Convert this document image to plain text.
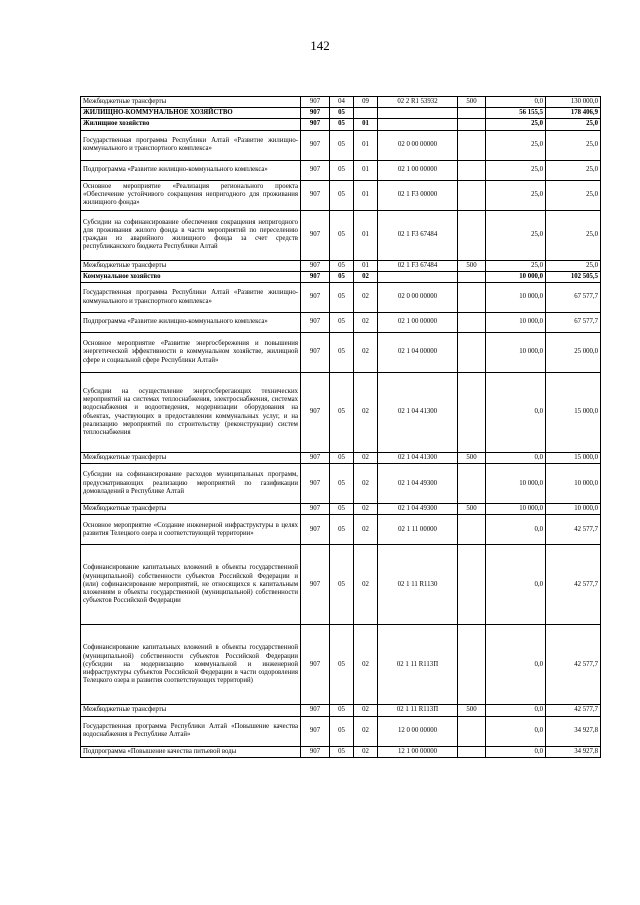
142
Межбюджетные трансферты	907	04	09	02 2 R1 53932	500	0,0	130 000,0
ЖИЛИЩНО-КОММУНАЛЬНОЕ ХОЗЯЙСТВО	907	05				56 155,5	178 406,9
Жилищное хозяйство	907	05	01			25,0	25,0
Государственная программа Республики Алтай «Развитие жилищно-коммунального и транспортного комплекса»	907	05	01	02 0 00 00000		25,0	25,0
Подпрограмма «Развитие жилищно-коммунального комплекса»	907	05	01	02 1 00 00000		25,0	25,0
Основное мероприятие «Реализация регионального проекта «Обеспечение устойчивого сокращения непригодного для проживания жилищного фонда»	907	05	01	02 1 F3 00000		25,0	25,0
Субсидии на софинансирование обеспечения сокращения непригодного для проживания жилого фонда в части мероприятий по переселению граждан из аварийного жилищного фонда за счет средств республиканского бюджета Республики Алтай	907	05	01	02 1 F3 67484		25,0	25,0
Межбюджетные трансферты	907	05	01	02 1 F3 67484	500	25,0	25,0
Коммунальное хозяйство	907	05	02			10 000,0	102 505,5
Государственная программа Республики Алтай «Развитие жилищно-коммунального и транспортного комплекса»	907	05	02	02 0 00 00000		10 000,0	67 577,7
Подпрограмма «Развитие жилищно-коммунального комплекса»	907	05	02	02 1 00 00000		10 000,0	67 577,7
Основное мероприятие «Развитие энергосбережения и повышения энергетической эффективности в коммунальном хозяйстве, жилищной сфере и социальной сфере Республики Алтай»	907	05	02	02 1 04 00000		10 000,0	25 000,0
Субсидии на осуществление энергосберегающих технических мероприятий на системах теплоснабжения, электроснабжения, системах водоснабжения и водоотведения, модернизации оборудования на объектах, участвующих в предоставлении коммунальных услуг, и на реализацию мероприятий по строительству (реконструкции) систем теплоснабжения	907	05	02	02 1 04 41300		0,0	15 000,0
Межбюджетные трансферты	907	05	02	02 1 04 41300	500	0,0	15 000,0
Субсидии на софинансирование расходов муниципальных программ, предусматривающих реализацию мероприятий по газификации домовладений в Республике Алтай	907	05	02	02 1 04 49300		10 000,0	10 000,0
Межбюджетные трансферты	907	05	02	02 1 04 49300	500	10 000,0	10 000,0
Основное мероприятие «Создание инженерной инфраструктуры в целях развития Телецкого озера и соответствующей территории»	907	05	02	02 1 11 00000		0,0	42 577,7
Софинансирование капитальных вложений в объекты государственной (муниципальной) собственности субъектов Российской Федерации и (или) софинансирование мероприятий, не относящихся к капитальным вложениям в объекты государственной (муниципальной) собственности субъектов Российской Федерации	907	05	02	02 1 11 R1130		0,0	42 577,7
Софинансирование капитальных вложений в объекты государственной (муниципальной) собственности субъектов Российской Федерации (субсидии на модернизацию коммунальной и инженерной инфраструктуры субъектов Российской Федерации в части оздоровления Телецкого озера и развития соответствующих территорий)	907	05	02	02 1 11 R113П		0,0	42 577,7
Межбюджетные трансферты	907	05	02	02 1 11 R113П	500	0,0	42 577,7
Государственная программа Республики Алтай «Повышение качества водоснабжения в Республике Алтай»	907	05	02	12 0 00 00000		0,0	34 927,8
Подпрограмма «Повышение качества питьевой воды	907	05	02	12 1 00 00000		0,0	34 927,8
